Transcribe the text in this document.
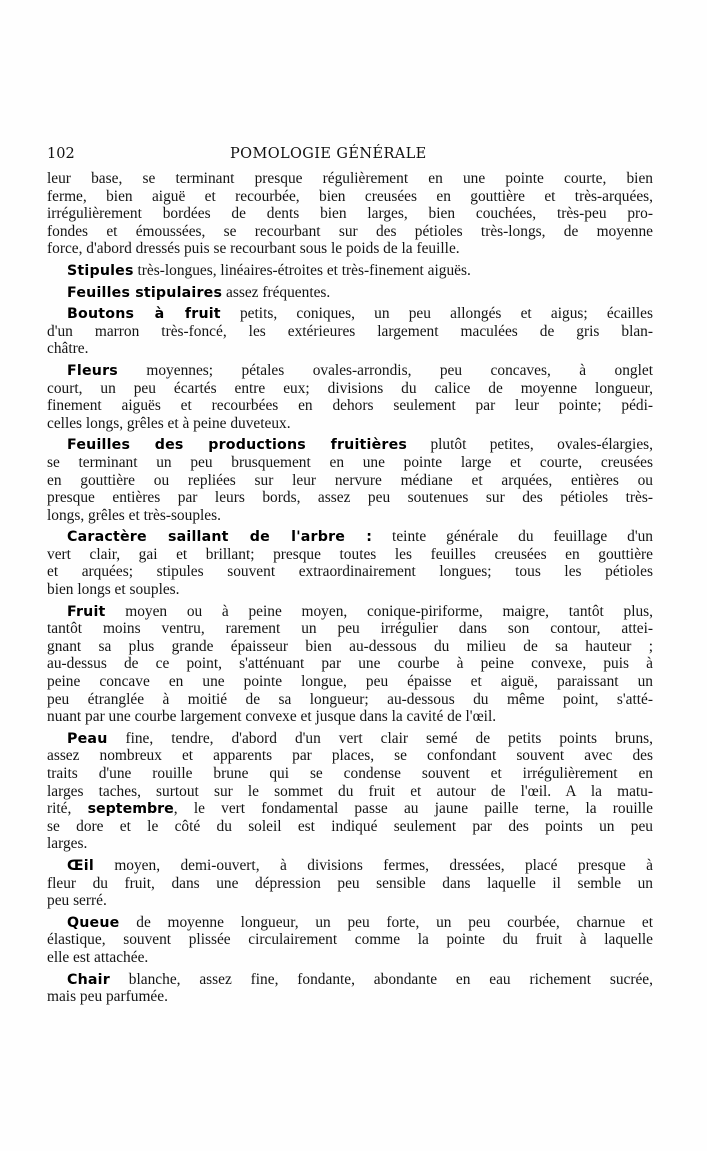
102	POMOLOGIE GÉNÉRALE
leur base, se terminant presque régulièrement en une pointe courte, bien
ferme, bien aiguë et recourbée, bien creusées en gouttière et très-arquées,
irrégulièrement bordées de dents bien larges, bien couchées, très-peu pro-
fondes et émoussées, se recourbant sur des pétioles très-longs, de moyenne
force, d'abord dressés puis se recourbant sous le poids de la feuille.
Stipules très-longues, linéaires-étroites et très-finement aiguës.
Feuilles stipulaires assez fréquentes.
Boutons à fruit petits, coniques, un peu allongés et aigus; écailles
d'un marron très-foncé, les extérieures largement maculées de gris blan-
châtre.
Fleurs moyennes; pétales ovales-arrondis, peu concaves, à onglet
court, un peu écartés entre eux; divisions du calice de moyenne longueur,
finement aiguës et recourbées en dehors seulement par leur pointe; pédi-
celles longs, grêles et à peine duveteux.
Feuilles des productions fruitières plutôt petites, ovales-élargies,
se terminant un peu brusquement en une pointe large et courte, creusées
en gouttière ou repliées sur leur nervure médiane et arquées, entières ou
presque entières par leurs bords, assez peu soutenues sur des pétioles très-
longs, grêles et très-souples.
Caractère saillant de l'arbre : teinte générale du feuillage d'un
vert clair, gai et brillant; presque toutes les feuilles creusées en gouttière
et arquées; stipules souvent extraordinairement longues; tous les pétioles
bien longs et souples.
Fruit moyen ou à peine moyen, conique-piriforme, maigre, tantôt plus,
tantôt moins ventru, rarement un peu irrégulier dans son contour, attei-
gnant sa plus grande épaisseur bien au-dessous du milieu de sa hauteur ;
au-dessus de ce point, s'atténuant par une courbe à peine convexe, puis à
peine concave en une pointe longue, peu épaisse et aiguë, paraissant un
peu étranglée à moitié de sa longueur; au-dessous du même point, s'atté-
nuant par une courbe largement convexe et jusque dans la cavité de l'œil.
Peau fine, tendre, d'abord d'un vert clair semé de petits points bruns,
assez nombreux et apparents par places, se confondant souvent avec des
traits d'une rouille brune qui se condense souvent et irrégulièrement en
larges taches, surtout sur le sommet du fruit et autour de l'œil. A la matu-
rité, septembre, le vert fondamental passe au jaune paille terne, la rouille
se dore et le côté du soleil est indiqué seulement par des points un peu
larges.
Œil moyen, demi-ouvert, à divisions fermes, dressées, placé presque à
fleur du fruit, dans une dépression peu sensible dans laquelle il semble un
peu serré.
Queue de moyenne longueur, un peu forte, un peu courbée, charnue et
élastique, souvent plissée circulairement comme la pointe du fruit à laquelle
elle est attachée.
Chair blanche, assez fine, fondante, abondante en eau richement sucrée,
mais peu parfumée.
